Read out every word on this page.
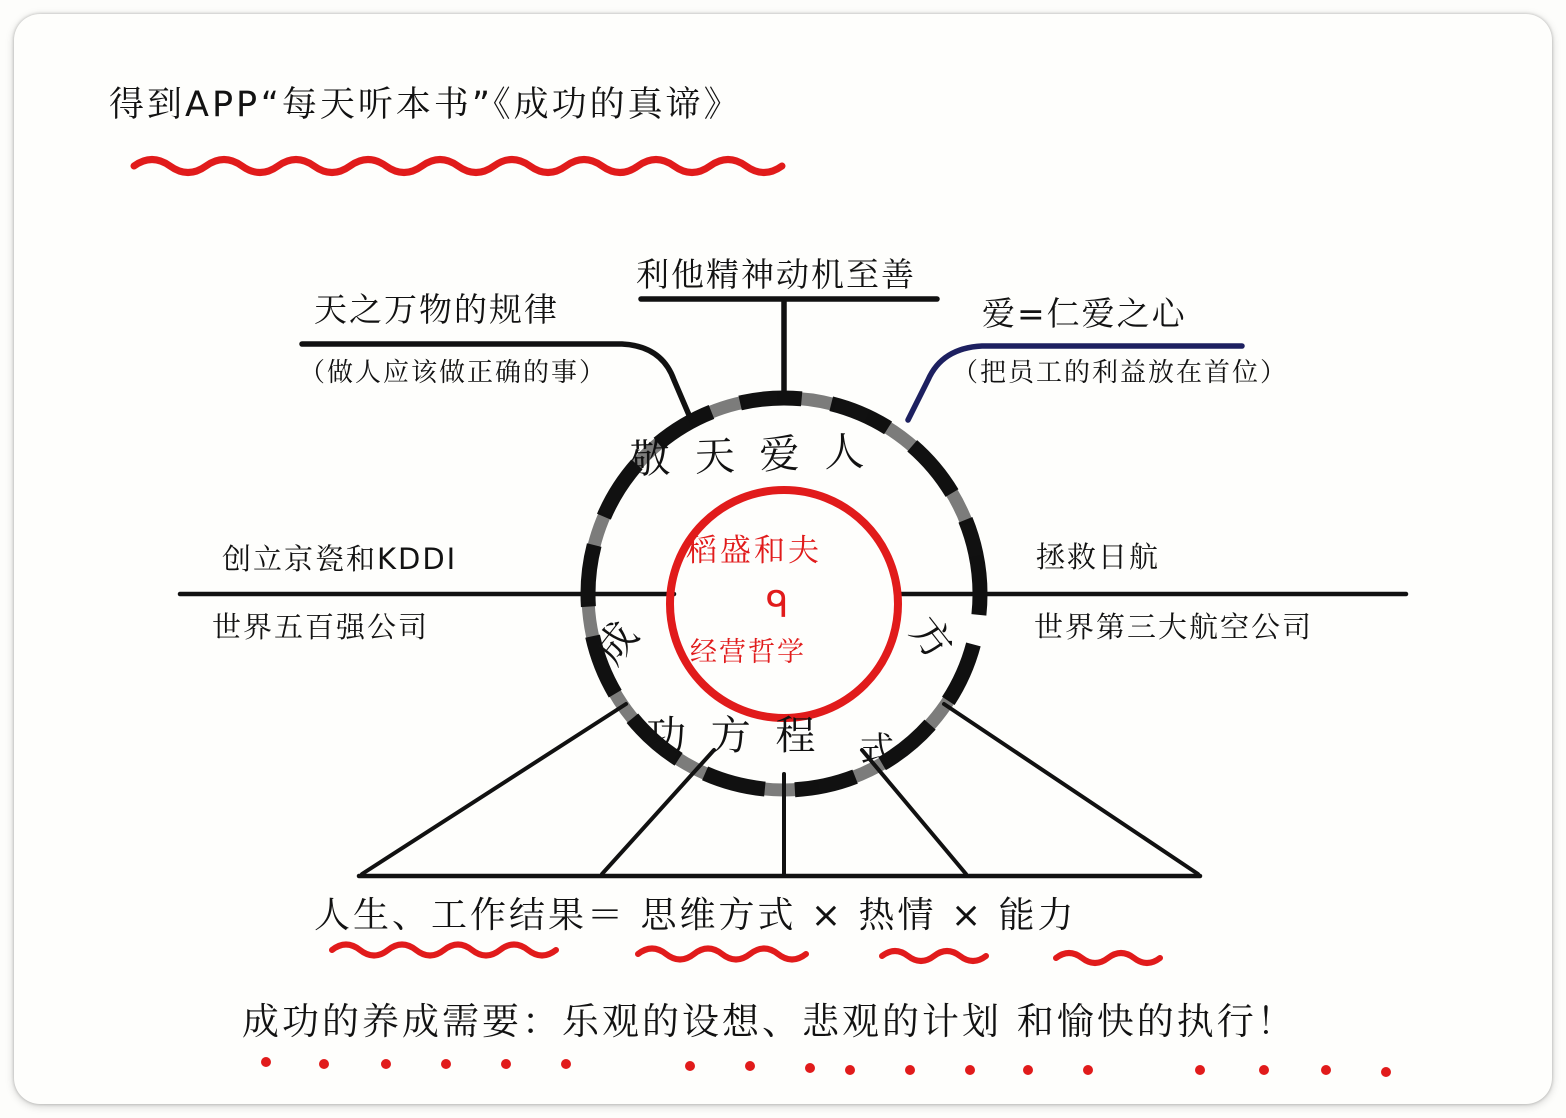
得到APP“每天听本书”《成功的真谛》
天之万物的规律
（做人应该做正确的事）
利他精神动机至善
爱=仁爱之心
（把员工的利益放在首位）
创立京瓷和KDDI
世界五百强公司
拯救日航
世界第三大航空公司
敬 天 爱 人
成	方
功 方 程 式
稻盛和夫
ᑫ
经营哲学
人生、工作结果＝ 思维方式 × 热情 × 能力
成功的养成需要：乐观的设想、悲观的计划 和愉快的执行！
